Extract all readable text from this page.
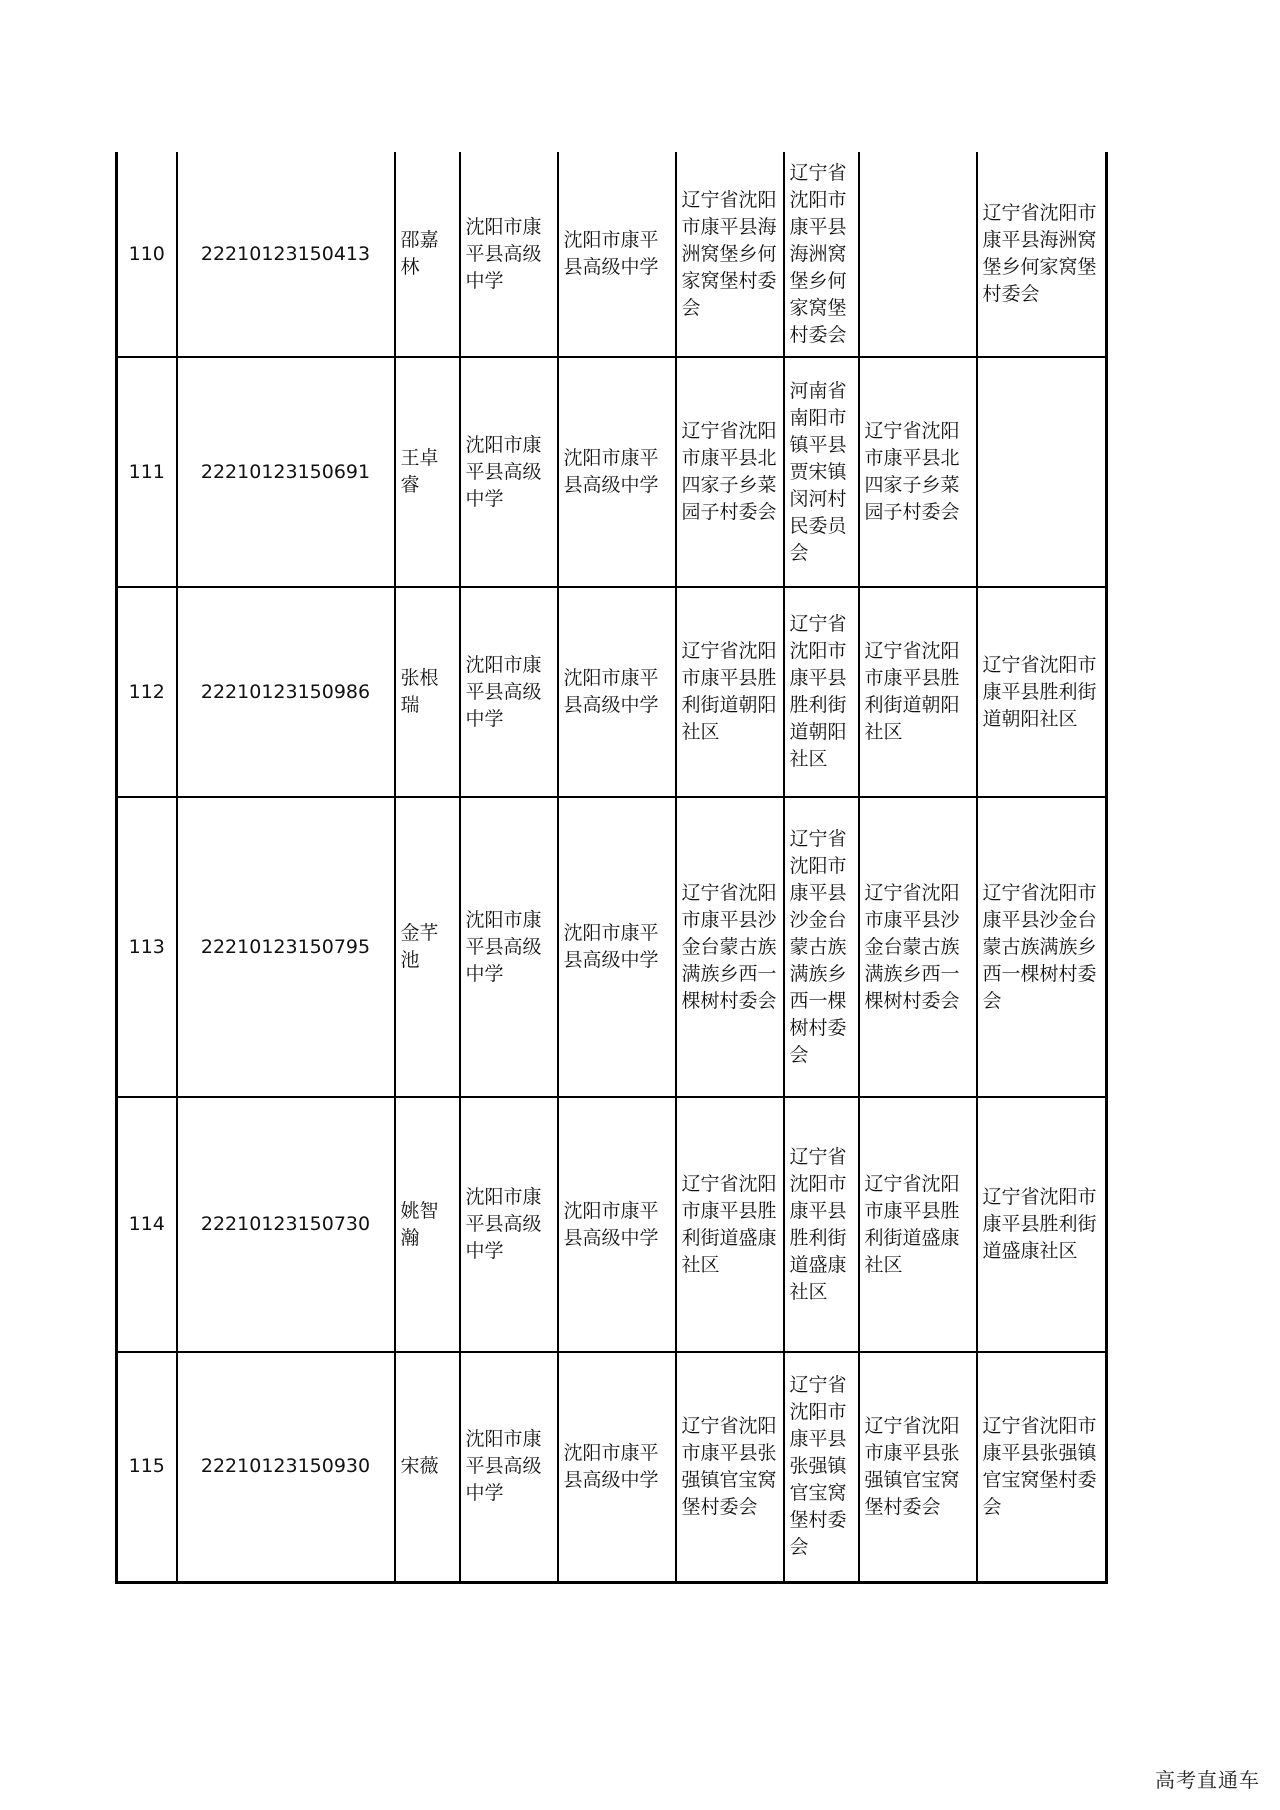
110	22210123150413	邵嘉林	沈阳市康平县高级中学	沈阳市康平县高级中学	辽宁省沈阳市康平县海洲窝堡乡何家窝堡村委会	辽宁省沈阳市康平县海洲窝堡乡何家窝堡村委会		辽宁省沈阳市康平县海洲窝堡乡何家窝堡村委会
111	22210123150691	王卓睿	沈阳市康平县高级中学	沈阳市康平县高级中学	辽宁省沈阳市康平县北四家子乡菜园子村委会	河南省南阳市镇平县贾宋镇闵河村民委员会	辽宁省沈阳市康平县北四家子乡菜园子村委会	
112	22210123150986	张根瑞	沈阳市康平县高级中学	沈阳市康平县高级中学	辽宁省沈阳市康平县胜利街道朝阳社区	辽宁省沈阳市康平县胜利街道朝阳社区	辽宁省沈阳市康平县胜利街道朝阳社区	辽宁省沈阳市康平县胜利街道朝阳社区
113	22210123150795	金芊池	沈阳市康平县高级中学	沈阳市康平县高级中学	辽宁省沈阳市康平县沙金台蒙古族满族乡西一棵树村委会	辽宁省沈阳市康平县沙金台蒙古族满族乡西一棵树村委会	辽宁省沈阳市康平县沙金台蒙古族满族乡西一棵树村委会	辽宁省沈阳市康平县沙金台蒙古族满族乡西一棵树村委会
114	22210123150730	姚智瀚	沈阳市康平县高级中学	沈阳市康平县高级中学	辽宁省沈阳市康平县胜利街道盛康社区	辽宁省沈阳市康平县胜利街道盛康社区	辽宁省沈阳市康平县胜利街道盛康社区	辽宁省沈阳市康平县胜利街道盛康社区
115	22210123150930	宋薇	沈阳市康平县高级中学	沈阳市康平县高级中学	辽宁省沈阳市康平县张强镇官宝窝堡村委会	辽宁省沈阳市康平县张强镇官宝窝堡村委会	辽宁省沈阳市康平县张强镇官宝窝堡村委会	辽宁省沈阳市康平县张强镇官宝窝堡村委会
高考直通车
